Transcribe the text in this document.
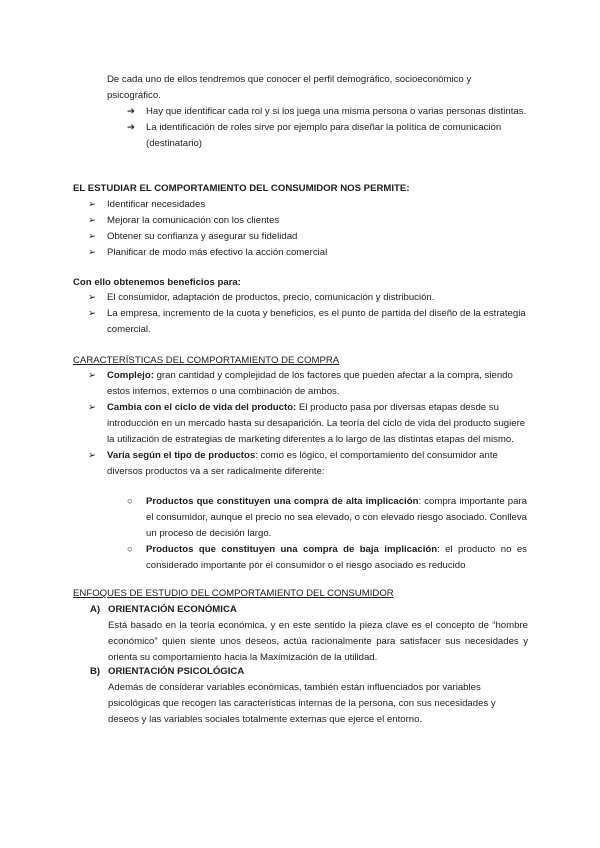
De cada uno de ellos tendremos que conocer el perfil demográfico, socioeconómico y psicográfico.

➔ Hay que identificar cada rol y si los juega una misma persona o varias personas distintas.
➔ La identificación de roles sirve por ejemplo para diseñar la política de comunicación (destinatario)

EL ESTUDIAR EL COMPORTAMIENTO DEL CONSUMIDOR NOS PERMITE:

➢ Identificar necesidades
➢ Mejorar la comunicación con los clientes
➢ Obtener su confianza y asegurar su fidelidad
➢ Planificar de modo más efectivo la acción comercial

Con ello obtenemos beneficios para:

➢ El consumidor, adaptación de productos, precio, comunicación y distribución.
➢ La empresa, incremento de la cuota y beneficios, es el punto de partida del diseño de la estrategia comercial.

CARACTERÍSTICAS DEL COMPORTAMIENTO DE COMPRA

➢ Complejo: gran cantidad y complejidad de los factores que pueden afectar a la compra, siendo estos internos, externos o una combinación de ambos.
➢ Cambia con el ciclo de vida del producto: El producto pasa por diversas etapas desde su introducción en un mercado hasta su desaparición. La teoría del ciclo de vida del producto sugiere la utilización de estrategias de marketing diferentes a lo largo de las distintas etapas del mismo.
➢ Varía según el tipo de productos: como es lógico, el comportamiento del consumidor ante diversos productos va a ser radicalmente diferente:
○ Productos que constituyen una compra de alta implicación: compra importante para el consumidor, aunque el precio no sea elevado, o con elevado riesgo asociado. Conlleva un proceso de decisión largo.
○ Productos que constituyen una compra de baja implicación: el producto no es considerado importante por el consumidor o el riesgo asociado es reducido

ENFOQUES DE ESTUDIO DEL COMPORTAMIENTO DEL CONSUMIDOR

A) ORIENTACIÓN ECONÓMICA

Está basado en la teoría económica, y en este sentido la pieza clave es el concepto de “hombre económico” quien siente unos deseos, actúa racionalmente para satisfacer sus necesidades y orienta su comportamiento hacia la Maximización de la utilidad.

B) ORIENTACIÓN PSICOLÓGICA

Además de considerar variables económicas, también están influenciados por variables psicológicas que recogen las características internas de la persona, con sus necesidades y deseos y las variables sociales totalmente externas que ejerce el entorno.
